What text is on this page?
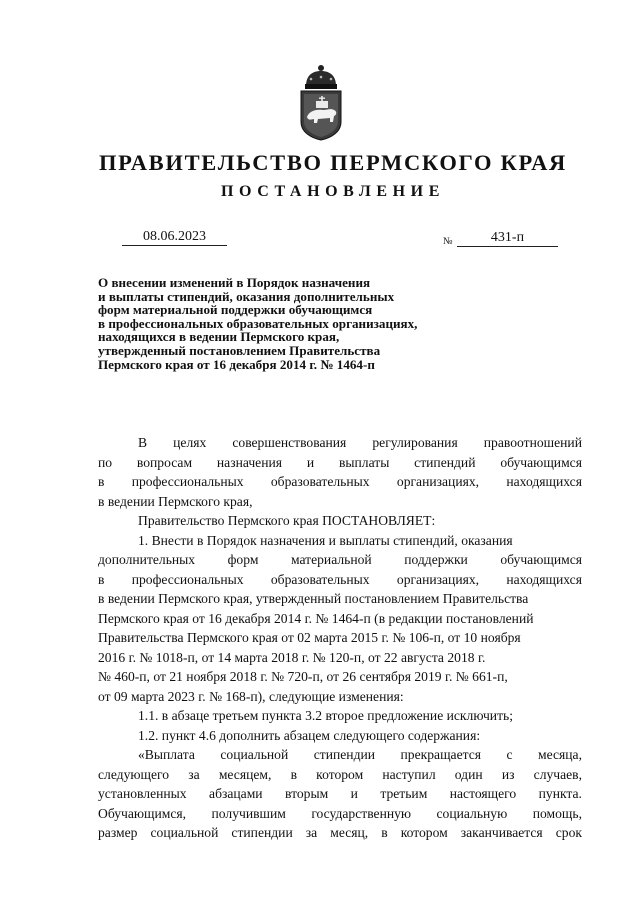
ПРАВИТЕЛЬСТВО ПЕРМСКОГО КРАЯ
ПОСТАНОВЛЕНИЕ
08.06.2023	№	431-п

О внесении изменений в Порядок назначения
и выплаты стипендий, оказания дополнительных
форм материальной поддержки обучающимся
в профессиональных образовательных организациях,
находящихся в ведении Пермского края,
утвержденный постановлением Правительства
Пермского края от 16 декабря 2014 г. № 1464-п

В целях совершенствования регулирования правоотношений
по вопросам назначения и выплаты стипендий обучающимся
в профессиональных образовательных организациях, находящихся
в ведении Пермского края,
Правительство Пермского края ПОСТАНОВЛЯЕТ:
1. Внести в Порядок назначения и выплаты стипендий, оказания
дополнительных форм материальной поддержки обучающимся
в профессиональных образовательных организациях, находящихся
в ведении Пермского края, утвержденный постановлением Правительства
Пермского края от 16 декабря 2014 г. № 1464-п (в редакции постановлений
Правительства Пермского края от 02 марта 2015 г. № 106-п, от 10 ноября
2016 г. № 1018-п, от 14 марта 2018 г. № 120-п, от 22 августа 2018 г.
№ 460-п, от 21 ноября 2018 г. № 720-п, от 26 сентября 2019 г. № 661-п,
от 09 марта 2023 г. № 168-п), следующие изменения:
1.1. в абзаце третьем пункта 3.2 второе предложение исключить;
1.2. пункт 4.6 дополнить абзацем следующего содержания:
«Выплата социальной стипендии прекращается с месяца,
следующего за месяцем, в котором наступил один из случаев,
установленных абзацами вторым и третьим настоящего пункта.
Обучающимся, получившим государственную социальную помощь,
размер социальной стипендии за месяц, в котором заканчивается срок
